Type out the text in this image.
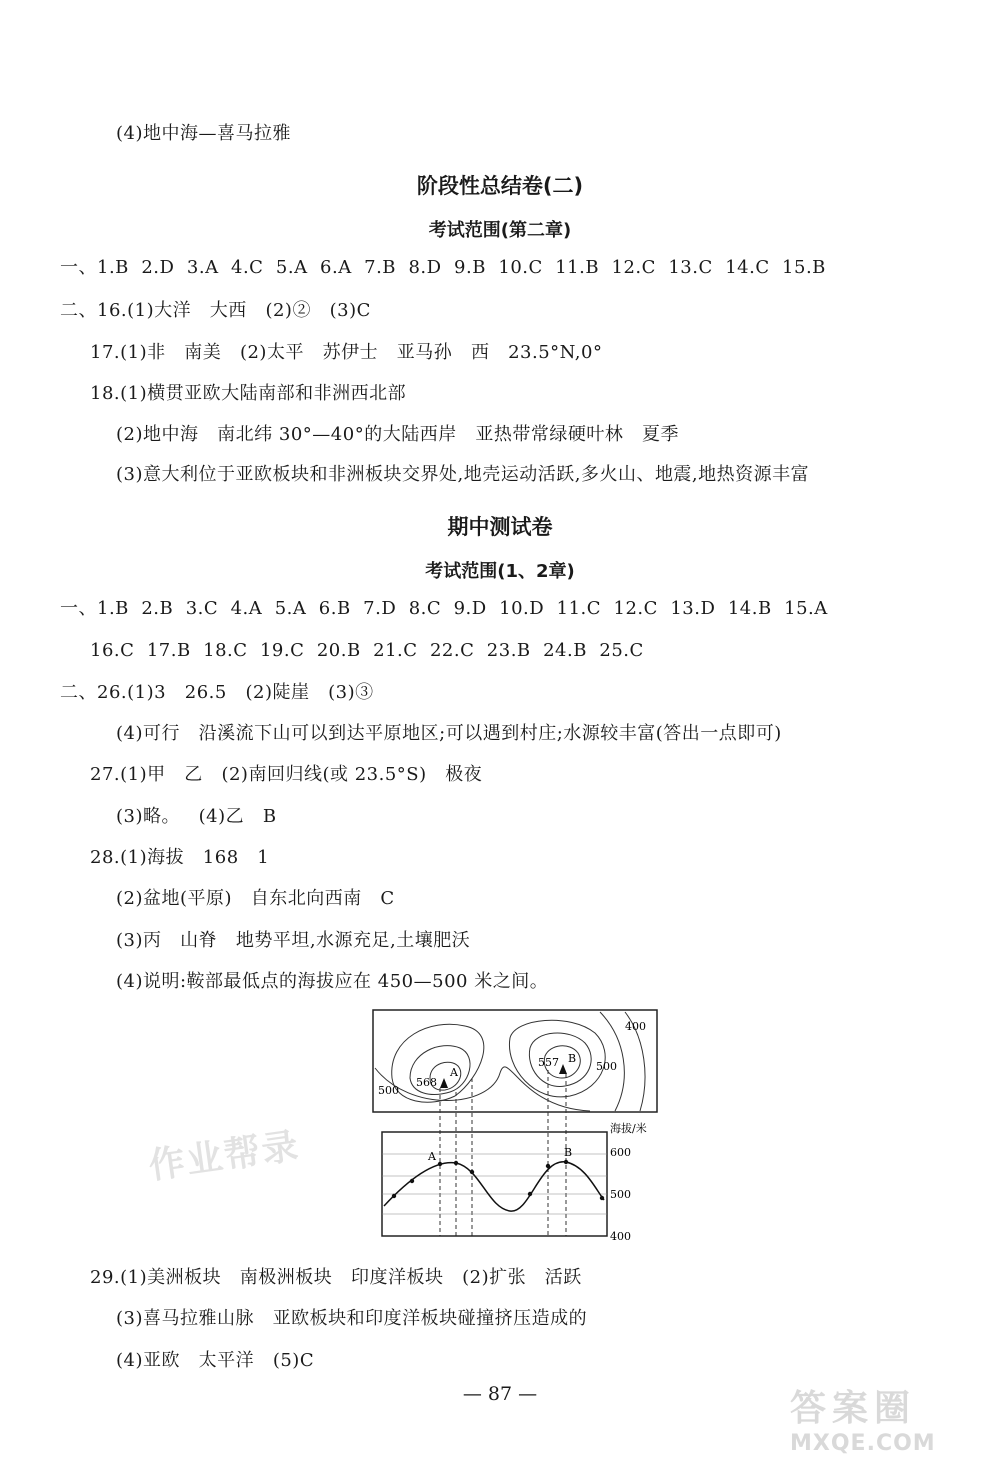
(4)地中海—喜马拉雅
阶段性总结卷(二)
考试范围(第二章)
一、1.B  2.D  3.A  4.C  5.A  6.A  7.B  8.D  9.B  10.C  11.B  12.C  13.C  14.C  15.B
二、16.(1)大洋   大西   (2)②   (3)C
17.(1)非   南美   (2)太平   苏伊士   亚马孙   西   23.5°N,0°
18.(1)横贯亚欧大陆南部和非洲西北部
(2)地中海   南北纬 30°—40°的大陆西岸   亚热带常绿硬叶林   夏季
(3)意大利位于亚欧板块和非洲板块交界处,地壳运动活跃,多火山、地震,地热资源丰富
期中测试卷
考试范围(1、2章)
一、1.B  2.B  3.C  4.A  5.A  6.B  7.D  8.C  9.D  10.D  11.C  12.C  13.D  14.B  15.A
16.C  17.B  18.C  19.C  20.B  21.C  22.C  23.B  24.B  25.C
二、26.(1)3   26.5   (2)陡崖   (3)③
(4)可行   沿溪流下山可以到达平原地区;可以遇到村庄;水源较丰富(答出一点即可)
27.(1)甲   乙   (2)南回归线(或 23.5°S)   极夜
(3)略。   (4)乙   B
28.(1)海拔   168   1
(2)盆地(平原)   自东北向西南   C
(3)丙   山脊   地势平坦,水源充足,土壤肥沃
(4)说明:鞍部最低点的海拔应在 450—500 米之间。
400
500
500
568
557
A
B
A	B
海拔/米
600
500
400
作业帮录
29.(1)美洲板块   南极洲板块   印度洋板块   (2)扩张   活跃
(3)喜马拉雅山脉   亚欧板块和印度洋板块碰撞挤压造成的
(4)亚欧   太平洋   (5)C
— 87 —	答案圈
MXQE.COM
